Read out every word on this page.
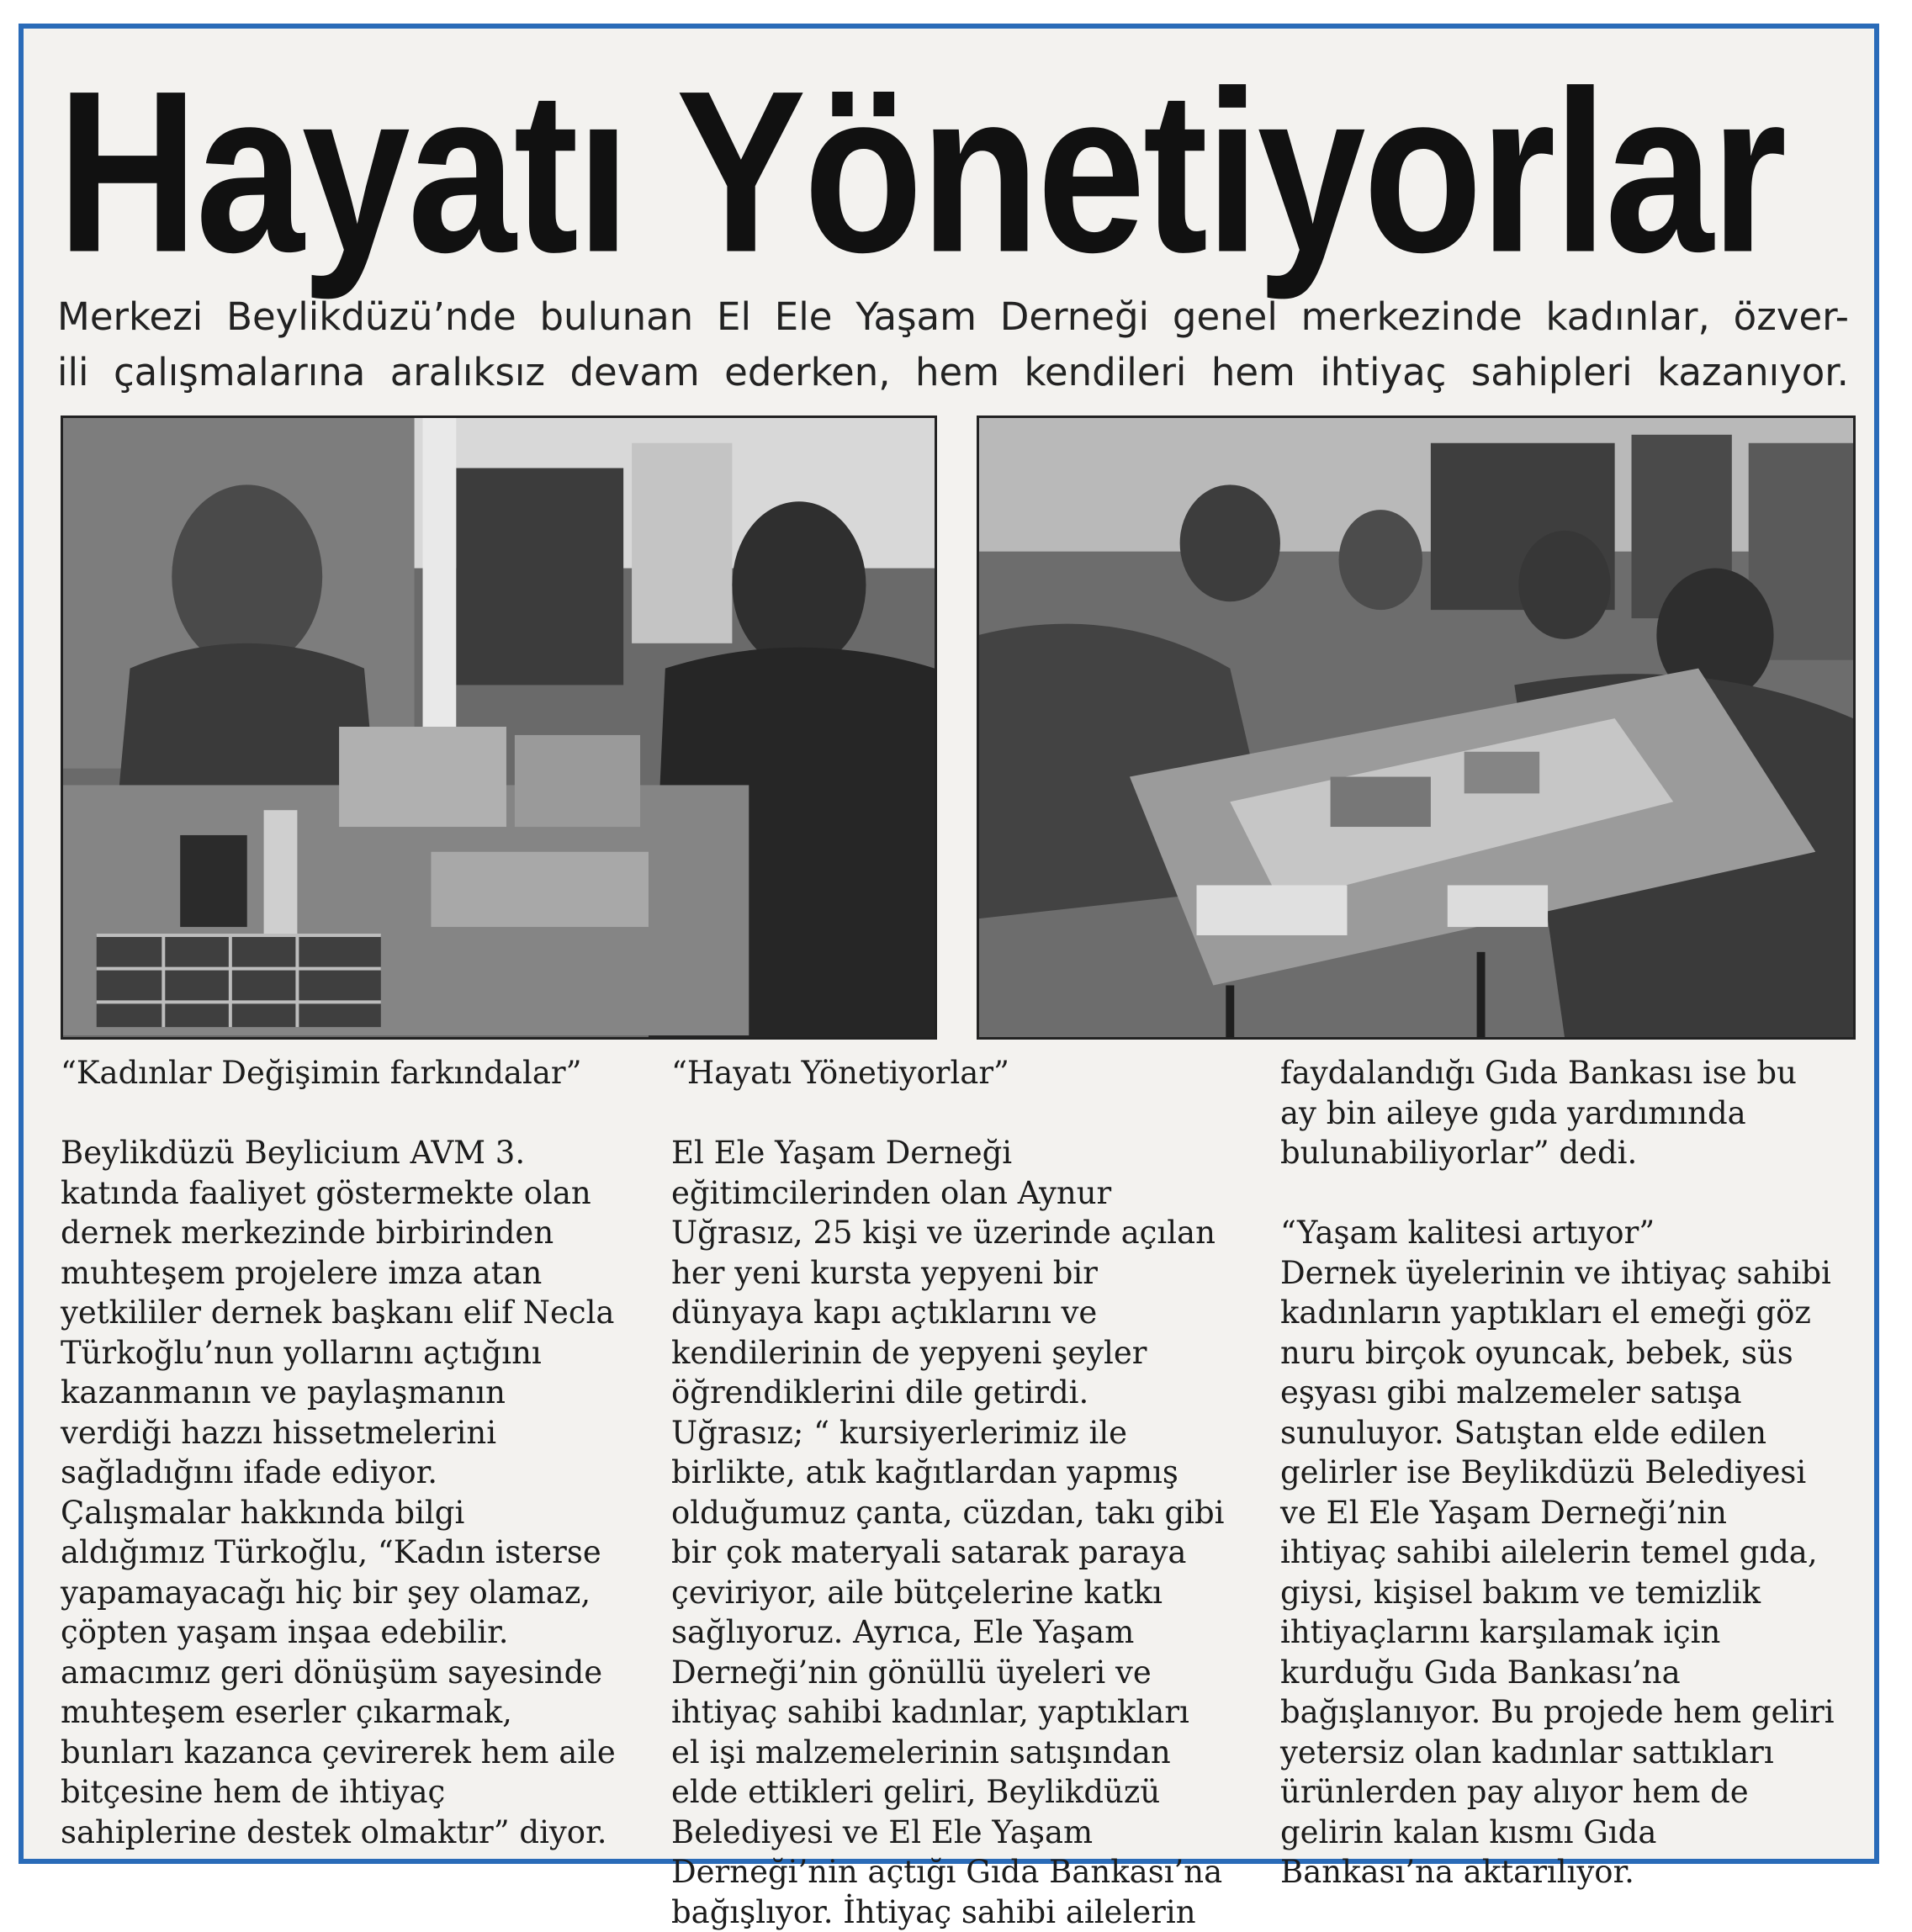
Hayatı Yönetiyorlar
Merkezi Beylikdüzü’nde bulunan El Ele Yaşam Derneği genel merkezinde kadınlar, özver-
ili çalışmalarına aralıksız devam ederken, hem kendileri hem ihtiyaç sahipleri kazanıyor.

“Kadınlar Değişimin farkındalar”

Beylikdüzü Beylicium AVM 3. katında faaliyet göstermekte olan dernek merkezinde birbirinden muhteşem projelere imza atan yetkililer dernek başkanı elif Necla Türkoğlu’nun yollarını açtığını kazanmanın ve paylaşmanın verdiği hazzı hissetmelerini sağladığını ifade ediyor. Çalışmalar hakkında bilgi aldığımız Türkoğlu, “Kadın isterse yapamayacağı hiç bir şey olamaz, çöpten yaşam inşaa edebilir. amacımız geri dönüşüm sayesinde muhteşem eserler çıkarmak, bunları kazanca çevirerek hem aile bitçesine hem de ihtiyaç sahiplerine destek olmaktır” diyor.

“Hayatı Yönetiyorlar”

El Ele Yaşam Derneği eğitimcilerinden olan Aynur Uğrasız, 25 kişi ve üzerinde açılan her yeni kursta yepyeni bir dünyaya kapı açtıklarını ve kendilerinin de yepyeni şeyler öğrendiklerini dile getirdi. Uğrasız; “ kursiyerlerimiz ile birlikte, atık kağıtlardan yapmış olduğumuz çanta, cüzdan, takı gibi bir çok materyali satarak paraya çeviriyor, aile bütçelerine katkı sağlıyoruz. Ayrıca, Ele Yaşam Derneği’nin gönüllü üyeleri ve ihtiyaç sahibi kadınlar, yaptıkları el işi malzemelerinin satışından elde ettikleri geliri, Beylikdüzü Belediyesi ve El Ele Yaşam Derneği’nin açtığı Gıda Bankası’na bağışlıyor. İhtiyaç sahibi ailelerin

faydalandığı Gıda Bankası ise bu ay bin aileye gıda yardımında bulunabiliyorlar” dedi.

“Yaşam kalitesi artıyor”

Dernek üyelerinin ve ihtiyaç sahibi kadınların yaptıkları el emeği göz nuru birçok oyuncak, bebek, süs eşyası gibi malzemeler satışa sunuluyor. Satıştan elde edilen gelirler ise Beylikdüzü Belediyesi ve El Ele Yaşam Derneği’nin ihtiyaç sahibi ailelerin temel gıda, giysi, kişisel bakım ve temizlik ihtiyaçlarını karşılamak için kurduğu Gıda Bankası’na bağışlanıyor. Bu projede hem geliri yetersiz olan kadınlar sattıkları ürünlerden pay alıyor hem de gelirin kalan kısmı Gıda Bankası’na aktarılıyor.
